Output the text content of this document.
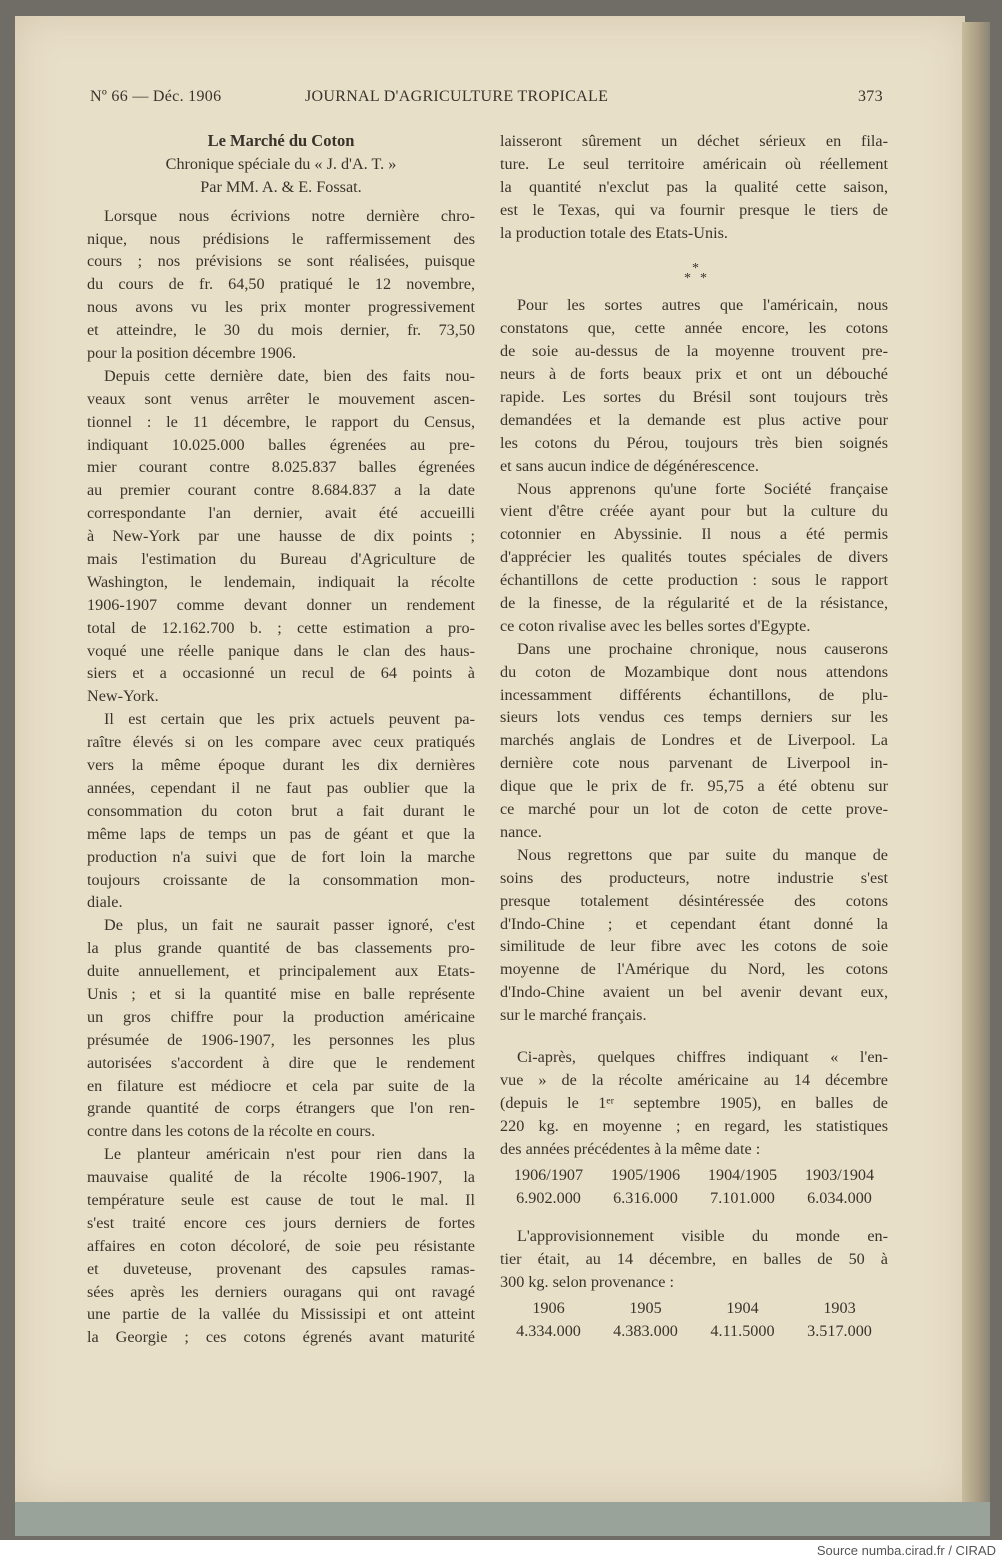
Nº 66 — Déc. 1906	JOURNAL D'AGRICULTURE TROPICALE	373
Le Marché du Coton
Chronique spéciale du « J. d'A. T. »
Par MM. A. & E. Fossat.
Lorsque nous écrivions notre dernière chro-
nique, nous prédisions le raffermissement des
cours ; nos prévisions se sont réalisées, puisque
du cours de fr. 64,50 pratiqué le 12 novembre,
nous avons vu les prix monter progressivement
et atteindre, le 30 du mois dernier, fr. 73,50
pour la position décembre 1906.
Depuis cette dernière date, bien des faits nou-
veaux sont venus arrêter le mouvement ascen-
tionnel : le 11 décembre, le rapport du Census,
indiquant 10.025.000 balles égrenées au pre-
mier courant contre 8.025.837 balles égrenées
au premier courant contre 8.684.837 a la date
correspondante l'an dernier, avait été accueilli
à New-York par une hausse de dix points ;
mais l'estimation du Bureau d'Agriculture de
Washington, le lendemain, indiquait la récolte
1906-1907 comme devant donner un rendement
total de 12.162.700 b. ; cette estimation a pro-
voqué une réelle panique dans le clan des haus-
siers et a occasionné un recul de 64 points à
New-York.
Il est certain que les prix actuels peuvent pa-
raître élevés si on les compare avec ceux pratiqués
vers la même époque durant les dix dernières
années, cependant il ne faut pas oublier que la
consommation du coton brut a fait durant le
même laps de temps un pas de géant et que la
production n'a suivi que de fort loin la marche
toujours croissante de la consommation mon-
diale.
De plus, un fait ne saurait passer ignoré, c'est
la plus grande quantité de bas classements pro-
duite annuellement, et principalement aux Etats-
Unis ; et si la quantité mise en balle représente
un gros chiffre pour la production américaine
présumée de 1906-1907, les personnes les plus
autorisées s'accordent à dire que le rendement
en filature est médiocre et cela par suite de la
grande quantité de corps étrangers que l'on ren-
contre dans les cotons de la récolte en cours.
Le planteur américain n'est pour rien dans la
mauvaise qualité de la récolte 1906-1907, la
température seule est cause de tout le mal. Il
s'est traité encore ces jours derniers de fortes
affaires en coton décoloré, de soie peu résistante
et duveteuse, provenant des capsules ramas-
sées après les derniers ouragans qui ont ravagé
une partie de la vallée du Mississipi et ont atteint
la Georgie ; ces cotons égrenés avant maturité
laisseront sûrement un déchet sérieux en fila-
ture. Le seul territoire américain où réellement
la quantité n'exclut pas la qualité cette saison,
est le Texas, qui va fournir presque le tiers de
la production totale des Etats-Unis.
*
* *
Pour les sortes autres que l'américain, nous
constatons que, cette année encore, les cotons
de soie au-dessus de la moyenne trouvent pre-
neurs à de forts beaux prix et ont un débouché
rapide. Les sortes du Brésil sont toujours très
demandées et la demande est plus active pour
les cotons du Pérou, toujours très bien soignés
et sans aucun indice de dégénérescence.
Nous apprenons qu'une forte Société française
vient d'être créée ayant pour but la culture du
cotonnier en Abyssinie. Il nous a été permis
d'apprécier les qualités toutes spéciales de divers
échantillons de cette production : sous le rapport
de la finesse, de la régularité et de la résistance,
ce coton rivalise avec les belles sortes d'Egypte.
Dans une prochaine chronique, nous causerons
du coton de Mozambique dont nous attendons
incessamment différents échantillons, de plu-
sieurs lots vendus ces temps derniers sur les
marchés anglais de Londres et de Liverpool. La
dernière cote nous parvenant de Liverpool in-
dique que le prix de fr. 95,75 a été obtenu sur
ce marché pour un lot de coton de cette prove-
nance.
Nous regrettons que par suite du manque de
soins des producteurs, notre industrie s'est
presque totalement désintéressée des cotons
d'Indo-Chine ; et cependant étant donné la
similitude de leur fibre avec les cotons de soie
moyenne de l'Amérique du Nord, les cotons
d'Indo-Chine avaient un bel avenir devant eux,
sur le marché français.
Ci-après, quelques chiffres indiquant « l'en-
vue » de la récolte américaine au 14 décembre
(depuis le 1ᵉʳ septembre 1905), en balles de
220 kg. en moyenne ; en regard, les statistiques
des années précédentes à la même date :
1906/1907	1905/1906	1904/1905	1903/1904
6.902.000	6.316.000	7.101.000	6.034.000
L'approvisionnement visible du monde en-
tier était, au 14 décembre, en balles de 50 à
300 kg. selon provenance :
1906	1905	1904	1903
4.334.000	4.383.000	4.11.5000	3.517.000
Source numba.cirad.fr / CIRAD
